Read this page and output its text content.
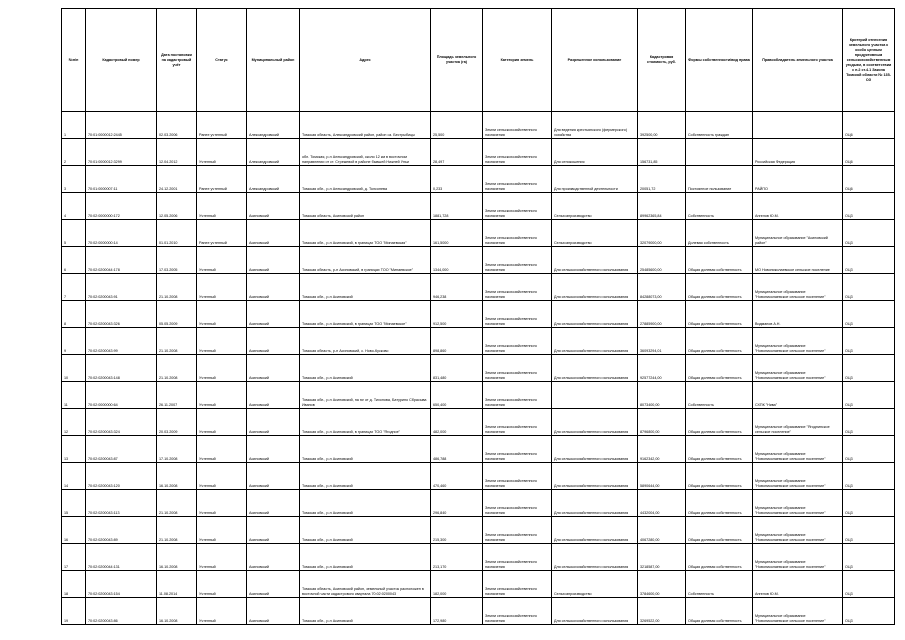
№п/п	Кадастровый номер	Дата постановки на кадастровый учёт	Статус	Муниципальный район	Адрес	Площадь земельного участка (га)	Категория земель	Разрешенное использование	Кадастровая стоимость, руб.	Формы собственности/вид права	Правообладатель земельного участка	Критерий отнесения земельного участка к особо ценным продуктивным сельскохозяйственным угодьям, в соответствии с п.2 ст.4.1 Закона Томской области № 135-ОЗ
1	70:01:0000012:2445	02.03.2006	Ранее учтенный	Александровский	Томская область, Александровский район, район оз. Бестрыбицы	25,500	Земли сельскохозяйственного назначения	Для ведения крестьянского (фермерского) хозяйства	392500,00	Собственность граждан		ОЦ6
2	70:01:0000012:3299	12.04.2012	Учтенный	Александровский	обл. Томская, р-н Александровский, около 12 км в восточном направлении от ст. Стрежевой в районе бывшей Нижней Уньи	28,497	Земли сельскохозяйственного назначения	Для сенокошения	156731,85		Российская Федерация	ОЦ6
3	70:01:0000007:11	24.12.2001	Ранее учтенный	Александровский	Томская обл., р-н Александровский, д. Толсопева	0,233	Земли сельскохозяйственного назначения	Для производственной деятельности	20051,72	Постоянное пользование	РАЙПО	ОЦ6
4	70:02:0000000:172	12.05.2006	Учтенный	Асиновский	Томская область, Асиновский район	1881,728	Земли сельскохозяйственного назначения	Сельхозпроизводство	89962365,84	Собственность	Ангелов Ю.М.	ОЦ3
5	70:02:0000000:14	01.01.2010	Ранее учтенный	Асиновский	Томская обл., р-н Асиновский, в границах ТОО "Минаевская"	161,5000	Земли сельскохозяйственного назначения	Сельхозпроизводство	32079000,00	Долевая собственность	Муниципальное образование "Асиновский район"	ОЦ3
6	70:02:0200044:178	17.03.2005	Учтенный	Асиновский	Томская область, р-н Асиновский, в границах ТОО "Минаевское"	1344,000	Земли сельскохозяйственного назначения	Для сельскохозяйственного использования	25485600,00	Общая долевая собственность	МО Новониколаевское сельское поселение	ОЦ3
7	70:02:0200043:91	21.10.2008	Учтенный	Асиновский	Томская обл., р-н Асиновский	946,238	Земли сельскохозяйственного назначения	Для сельскохозяйственного использования	84288073,00	Общая долевая собственность	Муниципальное образование "Новониколаевское сельское поселение"	ОЦ3
8	70:02:0200043:326	05.05.2009	Учтенный	Асиновский	Томская обл., р-н Асиновский, в границах ТОО "Минаевское"	912,500	Земли сельскохозяйственного назначения	Для сельскохозяйственного использования	27885900,00	Общая долевая собственность	Видманов А.Н.	ОЦ3
9	70:02:0200043:99	21.10.2008	Учтенный	Асиновский	Томская область, р-н Асиновский, с. Ново-Кусково	898,860	Земли сельскохозяйственного назначения	Для сельскохозяйственного использования	36093294,01	Общая долевая собственность	Муниципальное образование "Новониколаевское сельское поселение"	ОЦ3
10	70:02:0200043:148	21.10.2008	Учтенный	Асиновский	Томская обл., р-н Асиновский	831,480	Земли сельскохозяйственного назначения	Для сельскохозяйственного использования	92577244,00	Общая долевая собственность	Муниципальное образование "Новониколаевское сельское поселение"	ОЦ3
11	70:02:0000000:64	26.11.2007	Учтенный	Асиновский	Томская обл., р-н Асиновский, на юг от д. Тихонова, Батурино Сбрасыва Иванов	650,400	Земли сельскохозяйственного назначения		8073400,00	Собственность	СХПК "Нива"	ОЦ3
12	70:02:0200043:324	20.03.2009	Учтенный	Асиновский	Томская обл., р-н Асиновский, в границах ТОО "Ягодное"	482,000	Земли сельскохозяйственного назначения	Для сельскохозяйственного использования	8796800,00	Общая долевая собственность	Муниципальное образование "Ягоднинское сельское поселение"	ОЦ3
13	70:02:0200043:87	17.10.2008	Учтенный	Асиновский	Томская обл., р-н Асиновский	486,788	Земли сельскохозяйственного назначения	Для сельскохозяйственного использования	9162342,00	Общая долевая собственность	Муниципальное образование "Новониколаевское сельское поселение"	ОЦ3
14	70:02:0200043:120	16.10.2008	Учтенный	Асиновский	Томская обл., р-н Асиновский	470,460	Земли сельскохозяйственного назначения	Для сельскохозяйственного использования	5890644,00	Общая долевая собственность	Муниципальное образование "Новониколаевское сельское поселение"	ОЦ3
15	70:02:0200043:113	21.10.2008	Учтенный	Асиновский	Томская обл., р-н Асиновский	296,840	Земли сельскохозяйственного назначения	Для сельскохозяйственного использования	4432004,00	Общая долевая собственность	Муниципальное образование "Новониколаевское сельское поселение"	ОЦ3
16	70:02:0200043:89	21.10.2008	Учтенный	Асиновский	Томская обл., р-н Асиновский	215,300	Земли сельскохозяйственного назначения	Для сельскохозяйственного использования	4067280,00	Общая долевая собственность	Муниципальное образование "Новониколаевское сельское поселение"	ОЦ3
17	70:02:0200044:131	16.10.2008	Учтенный	Асиновский	Томская обл., р-н Асиновский	213,170	Земли сельскохозяйственного назначения	Для сельскохозяйственного использования	3218587,00	Общая долевая собственность	Муниципальное образование "Новониколаевское сельское поселение"	ОЦ3
18	70:02:0200043:154	11.08.2014	Учтенный	Асиновский	Томская область, Асиновский район, земельный участок расположен в восточной части кадастрового квартала 70:02:0200043	182,000	Земли сельскохозяйственного назначения	Сельхозпроизводство	3784600,00	Собственность	Ангелов Ю.М.	ОЦ3
19	70:02:0200043:86	16.10.2008	Учтенный	Асиновский	Томская обл., р-н Асиновский	172,980	Земли сельскохозяйственного назначения	Для сельскохозяйственного использования	3269522,00	Общая долевая собственность	Муниципальное образование "Новониколаевское сельское поселение"	ОЦ3
